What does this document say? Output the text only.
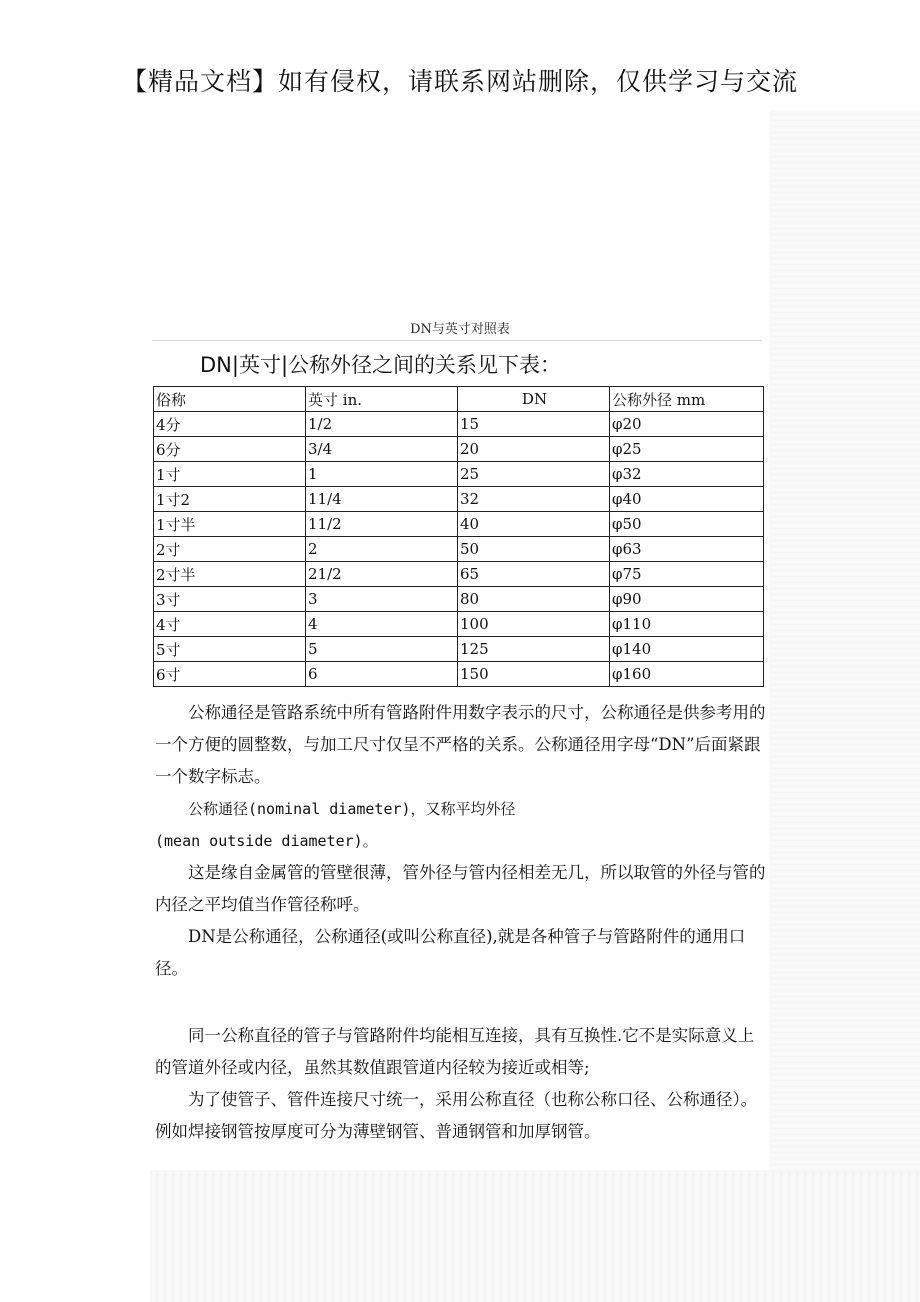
【精品文档】如有侵权，请联系网站删除，仅供学习与交流
DN与英寸对照表
DN|英寸|公称外径之间的关系见下表：
俗称	英寸 in.	DN	公称外径 mm
4分	1/2	15	φ20
6分	3/4	20	φ25
1寸	1	25	φ32
1寸2	11/4	32	φ40
1寸半	11/2	40	φ50
2寸	2	50	φ63
2寸半	21/2	65	φ75
3寸	3	80	φ90
4寸	4	100	φ110
5寸	5	125	φ140
6寸	6	150	φ160

公称通径是管路系统中所有管路附件用数字表示的尺寸，公称通径是供参考用的一个方便的圆整数，与加工尺寸仅呈不严格的关系。公称通径用字母“DN”后面紧跟一个数字标志。

公称通径(nominal diameter)，又称平均外径

(mean outside diameter)。

这是缘自金属管的管壁很薄，管外径与管内径相差无几，所以取管的外径与管的内径之平均值当作管径称呼。

DN是公称通径，公称通径(或叫公称直径),就是各种管子与管路附件的通用口径。

同一公称直径的管子与管路附件均能相互连接，具有互换性.它不是实际意义上的管道外径或内径，虽然其数值跟管道内径较为接近或相等;

为了使管子、管件连接尺寸统一，采用公称直径（也称公称口径、公称通径）。例如焊接钢管按厚度可分为薄壁钢管、普通钢管和加厚钢管。
